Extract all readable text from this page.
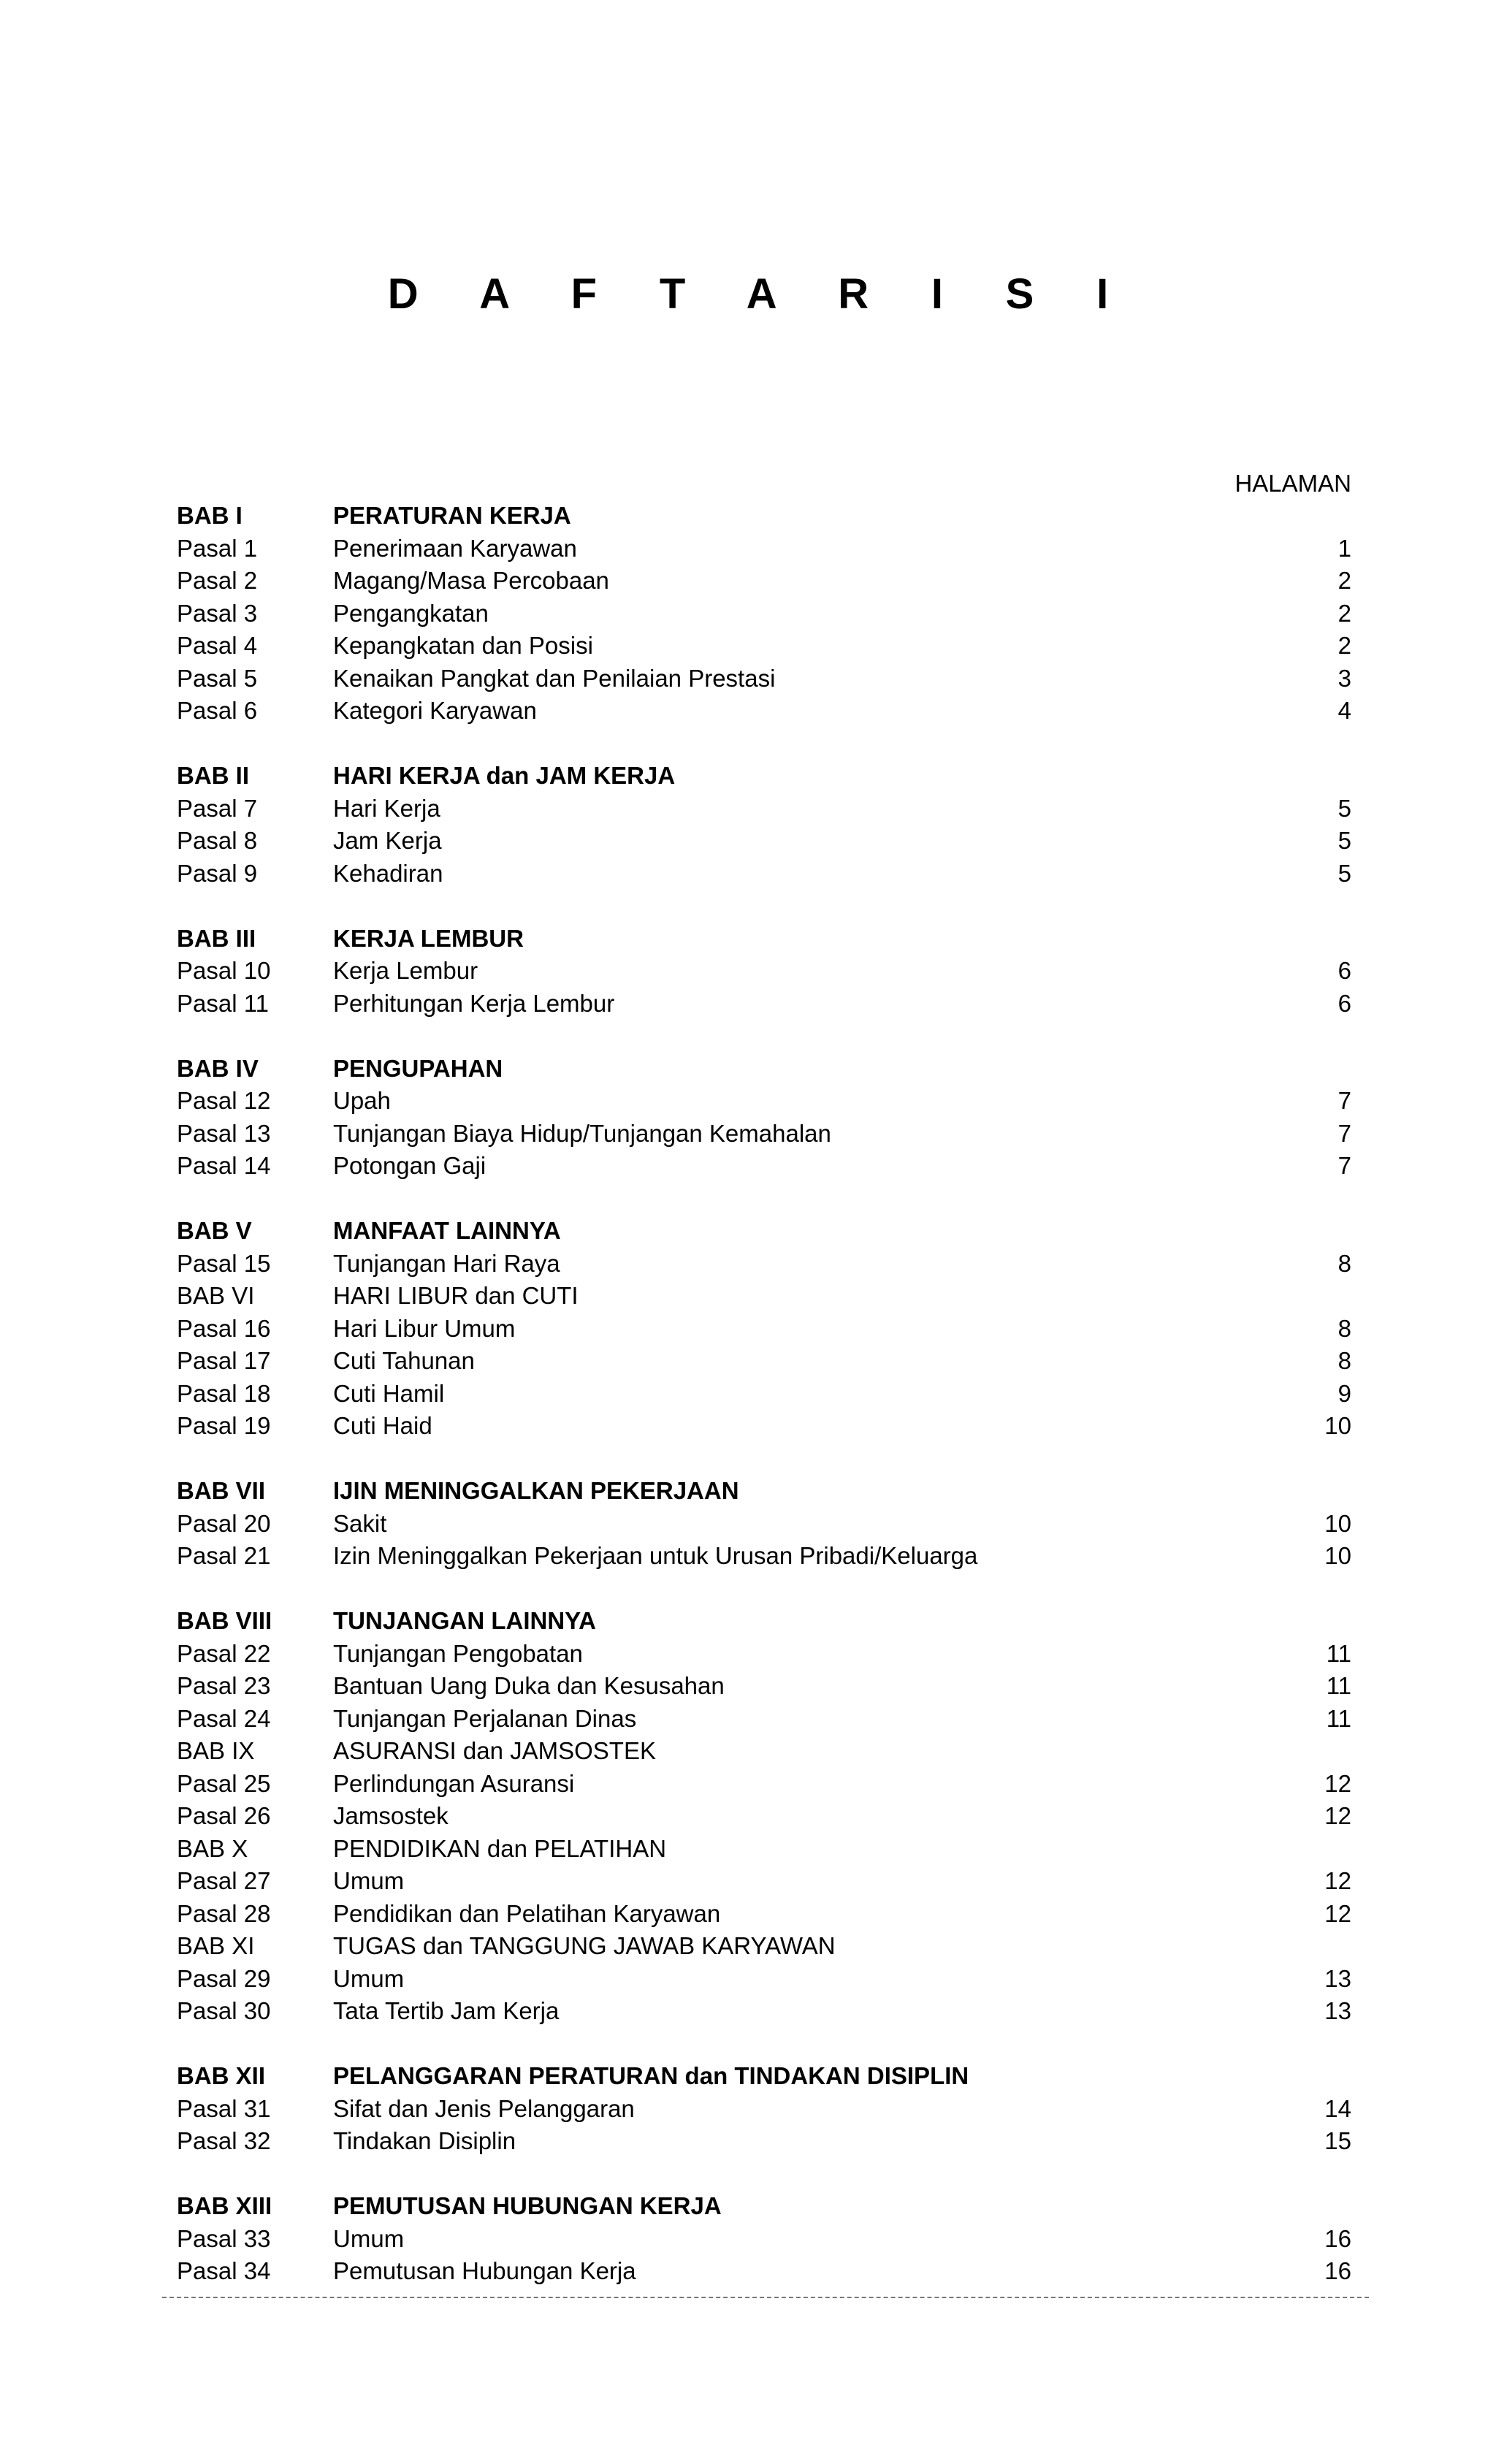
D A F T A R I S I
HALAMAN
BAB I	PERATURAN KERJA
Pasal 1	Penerimaan Karyawan	1
Pasal 2	Magang/Masa Percobaan	2
Pasal 3	Pengangkatan	2
Pasal 4	Kepangkatan dan Posisi	2
Pasal 5	Kenaikan Pangkat dan Penilaian Prestasi	3
Pasal 6	Kategori Karyawan	4
BAB II	HARI KERJA dan JAM KERJA
Pasal 7	Hari Kerja	5
Pasal 8	Jam Kerja	5
Pasal 9	Kehadiran	5
BAB III	KERJA LEMBUR
Pasal 10	Kerja Lembur	6
Pasal 11	Perhitungan Kerja Lembur	6
BAB IV	PENGUPAHAN
Pasal 12	Upah	7
Pasal 13	Tunjangan Biaya Hidup/Tunjangan Kemahalan	7
Pasal 14	Potongan Gaji	7
BAB V	MANFAAT LAINNYA
Pasal 15	Tunjangan Hari Raya	8
BAB VI	HARI LIBUR dan CUTI
Pasal 16	Hari Libur Umum	8
Pasal 17	Cuti Tahunan	8
Pasal 18	Cuti Hamil	9
Pasal 19	Cuti Haid	10
BAB VII	IJIN MENINGGALKAN PEKERJAAN
Pasal 20	Sakit	10
Pasal 21	Izin Meninggalkan Pekerjaan untuk Urusan Pribadi/Keluarga	10
BAB VIII	TUNJANGAN LAINNYA
Pasal 22	Tunjangan Pengobatan	11
Pasal 23	Bantuan Uang Duka dan Kesusahan	11
Pasal 24	Tunjangan Perjalanan Dinas	11
BAB IX	ASURANSI dan JAMSOSTEK
Pasal 25	Perlindungan Asuransi	12
Pasal 26	Jamsostek	12
BAB X	PENDIDIKAN dan PELATIHAN
Pasal 27	Umum	12
Pasal 28	Pendidikan dan Pelatihan Karyawan	12
BAB XI	TUGAS dan TANGGUNG JAWAB KARYAWAN
Pasal 29	Umum	13
Pasal 30	Tata Tertib Jam Kerja	13
BAB XII	PELANGGARAN PERATURAN dan TINDAKAN DISIPLIN
Pasal 31	Sifat dan Jenis Pelanggaran	14
Pasal 32	Tindakan Disiplin	15
BAB XIII	PEMUTUSAN HUBUNGAN KERJA
Pasal 33	Umum	16
Pasal 34	Pemutusan Hubungan Kerja	16
